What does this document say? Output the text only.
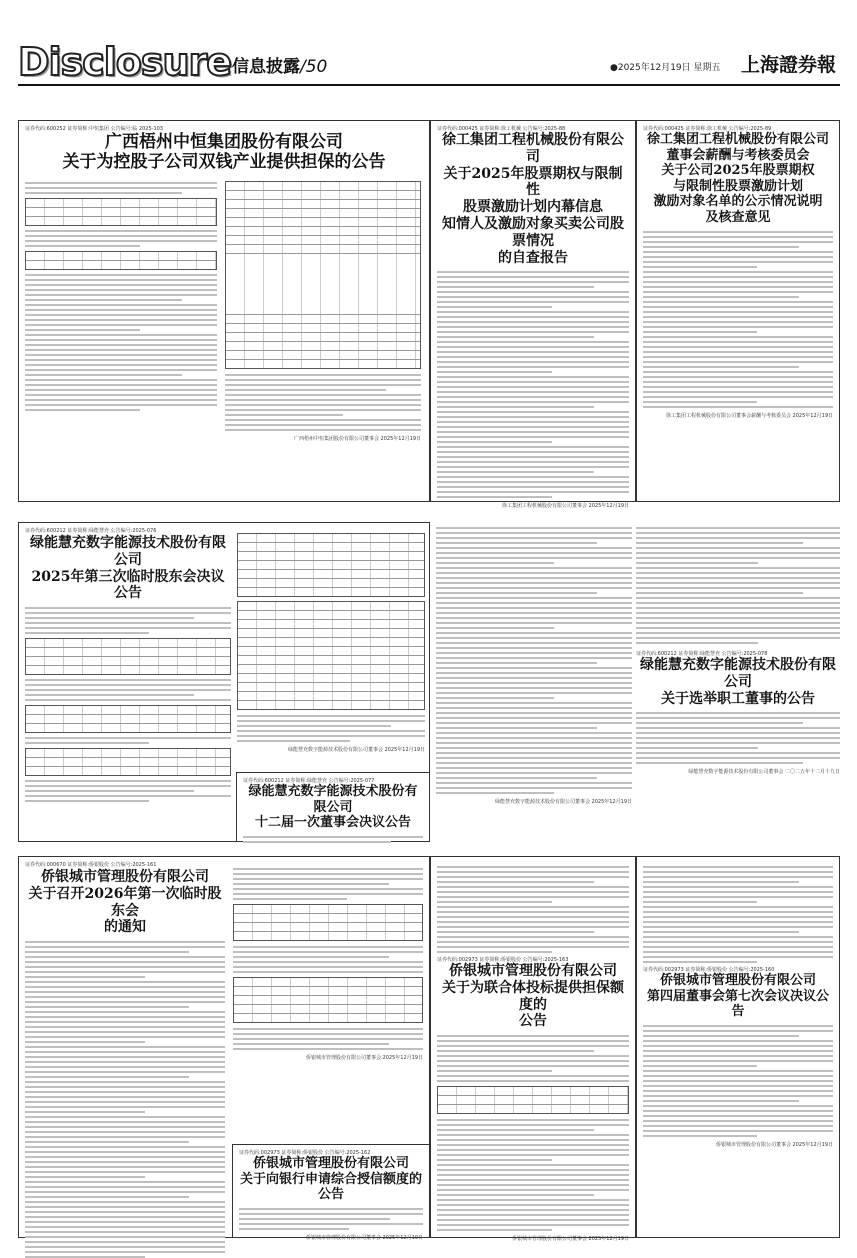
Disclosure 信息披露/50	●2025年12月19日 星期五 上海證券報
证券代码:600252 证券简称:中恒集团 公告编号:临 2025-103
广西梧州中恒集团股份有限公司
关于为控股子公司双钱产业提供担保的公告
广西梧州中恒集团股份有限公司董事会 2025年12月19日
证券代码:000425 证券简称:徐工机械 公告编号:2025-88
徐工集团工程机械股份有限公司
关于2025年股票期权与限制性
股票激励计划内幕信息
知情人及激励对象买卖公司股票情况
的自查报告
徐工集团工程机械股份有限公司董事会 2025年12月19日
证券代码:000425 证券简称:徐工机械 公告编号:2025-89
徐工集团工程机械股份有限公司
董事会薪酬与考核委员会
关于公司2025年股票期权
与限制性股票激励计划
激励对象名单的公示情况说明
及核查意见
徐工集团工程机械股份有限公司董事会薪酬与考核委员会 2025年12月19日
证券代码:600212 证券简称:绿能慧充 公告编号:2025-076
绿能慧充数字能源技术股份有限公司
2025年第三次临时股东会决议公告
绿能慧充数字能源技术股份有限公司董事会 2025年12月19日
证券代码:600212 证券简称:绿能慧充 公告编号:2025-077
绿能慧充数字能源技术股份有限公司
十二届一次董事会决议公告
绿能慧充数字能源技术股份有限公司董事会 2025年12月19日
证券代码:600212 证券简称:绿能慧充 公告编号:2025-078
绿能慧充数字能源技术股份有限公司
关于选举职工董事的公告
绿能慧充数字能源技术股份有限公司董事会 二〇二五年十二月十九日
证券代码:000670 证券简称:侨银股份 公告编号:2025-161
侨银城市管理股份有限公司
关于召开2026年第一次临时股东会
的通知
侨银城市管理股份有限公司董事会 2025年12月19日
证券代码:002973 证券简称:侨银股份 公告编号:2025-162
侨银城市管理股份有限公司
关于向银行申请综合授信额度的公告
侨银城市管理股份有限公司董事会 2025年12月19日
证券代码:002973 证券简称:侨银股份 公告编号:2025-163
侨银城市管理股份有限公司
关于为联合体投标提供担保额度的
公告
侨银城市管理股份有限公司董事会 2025年12月19日
证券代码:002973 证券简称:侨银股份 公告编号:2025-160
侨银城市管理股份有限公司
第四届董事会第七次会议决议公告
侨银城市管理股份有限公司董事会 2025年12月19日
